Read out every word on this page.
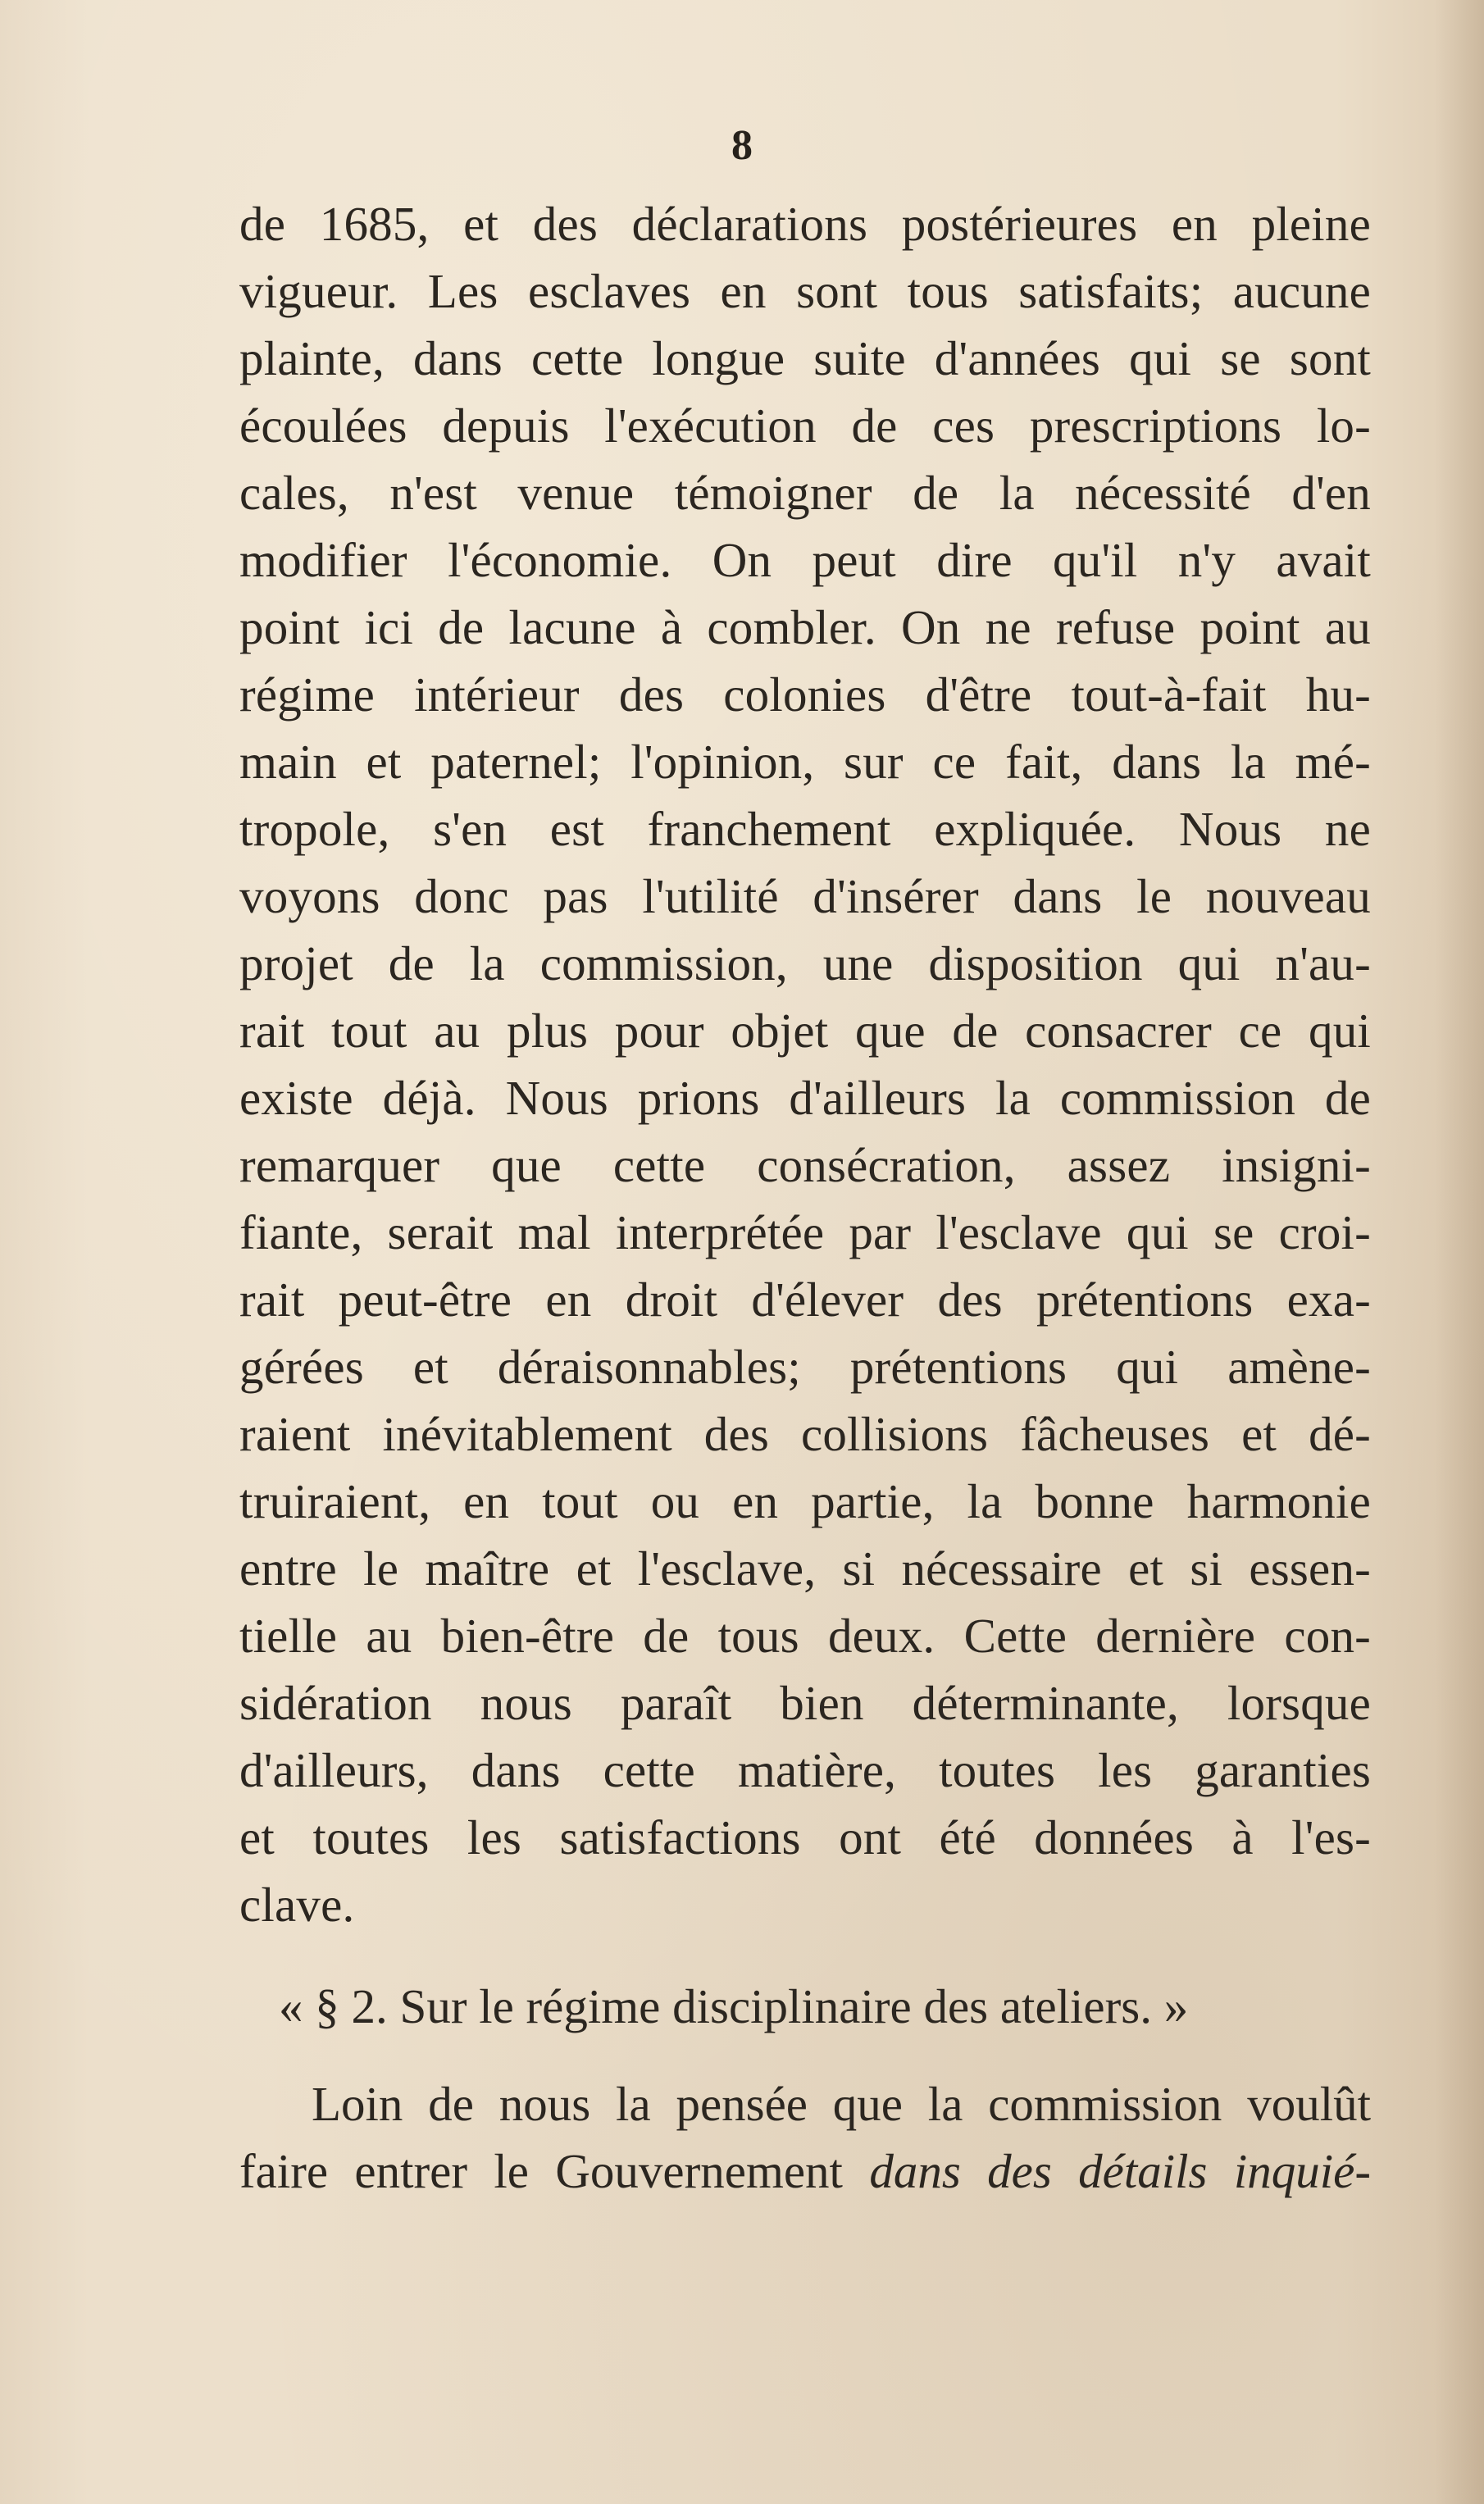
8
de 1685, et des déclarations postérieures en pleine
vigueur. Les esclaves en sont tous satisfaits; aucune
plainte, dans cette longue suite d'années qui se sont
écoulées depuis l'exécution de ces prescriptions lo-
cales, n'est venue témoigner de la nécessité d'en
modifier l'économie. On peut dire qu'il n'y avait
point ici de lacune à combler. On ne refuse point au
régime intérieur des colonies d'être tout-à-fait hu-
main et paternel; l'opinion, sur ce fait, dans la mé-
tropole, s'en est franchement expliquée. Nous ne
voyons donc pas l'utilité d'insérer dans le nouveau
projet de la commission, une disposition qui n'au-
rait tout au plus pour objet que de consacrer ce qui
existe déjà. Nous prions d'ailleurs la commission de
remarquer que cette consécration, assez insigni-
fiante, serait mal interprétée par l'esclave qui se croi-
rait peut-être en droit d'élever des prétentions exa-
gérées et déraisonnables; prétentions qui amène-
raient inévitablement des collisions fâcheuses et dé-
truiraient, en tout ou en partie, la bonne harmonie
entre le maître et l'esclave, si nécessaire et si essen-
tielle au bien-être de tous deux. Cette dernière con-
sidération nous paraît bien déterminante, lorsque
d'ailleurs, dans cette matière, toutes les garanties
et toutes les satisfactions ont été données à l'es-
clave.
« § 2. Sur le régime disciplinaire des ateliers. »
Loin de nous la pensée que la commission voulût
faire entrer le Gouvernement dans des détails inquié-
